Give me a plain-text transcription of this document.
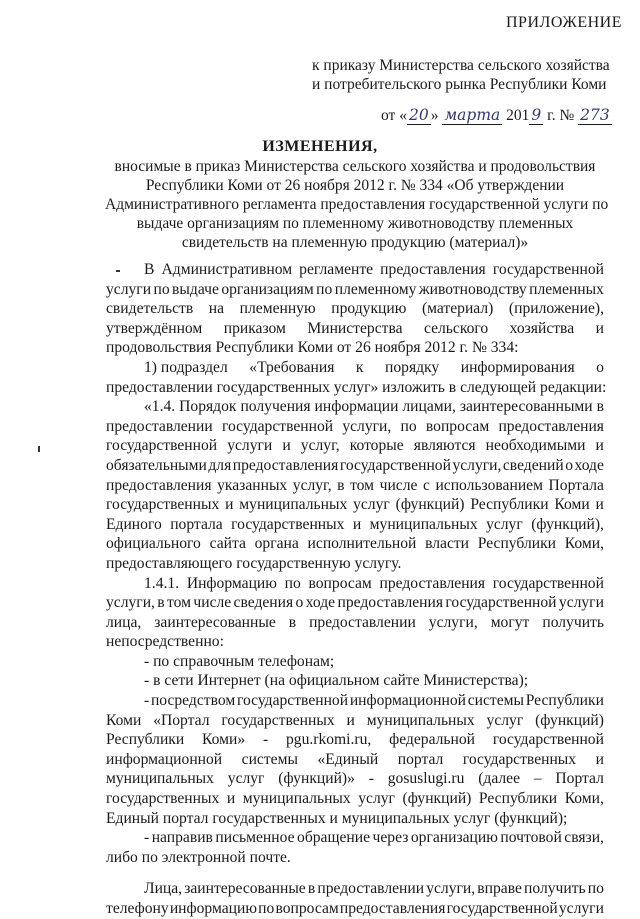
ПРИЛОЖЕНИЕ
к приказу Министерства сельского хозяйства
и потребительского рынка Республики Коми
от « 20 » марта 201 9 г. № 273
ИЗМЕНЕНИЯ,
вносимые в приказ Министерства сельского хозяйства и продовольствия
Республики Коми от 26 ноября 2012 г. № 334 «Об утверждении
Административного регламента предоставления государственной услуги по
выдаче организациям по племенному животноводству племенных
свидетельств на племенную продукцию (материал)»
В Административном регламенте предоставления государственной
услуги по выдаче организациям по племенному животноводству племенных
свидетельств на племенную продукцию (материал) (приложение),
утверждённом приказом Министерства сельского хозяйства и
продовольствия Республики Коми от 26 ноября 2012 г. № 334:
1) подраздел «Требования к порядку информирования о
предоставлении государственных услуг» изложить в следующей редакции:
«1.4. Порядок получения информации лицами, заинтересованными в
предоставлении государственной услуги, по вопросам предоставления
государственной услуги и услуг, которые являются необходимыми и
обязательными для предоставления государственной услуги, сведений о ходе
предоставления указанных услуг, в том числе с использованием Портала
государственных и муниципальных услуг (функций) Республики Коми и
Единого портала государственных и муниципальных услуг (функций),
официального сайта органа исполнительной власти Республики Коми,
предоставляющего государственную услугу.
1.4.1. Информацию по вопросам предоставления государственной
услуги, в том числе сведения о ходе предоставления государственной услуги
лица, заинтересованные в предоставлении услуги, могут получить
непосредственно:
- по справочным телефонам;
- в сети Интернет (на официальном сайте Министерства);
- посредством государственной информационной системы Республики
Коми «Портал государственных и муниципальных услуг (функций)
Республики Коми» - pgu.rkomi.ru, федеральной государственной
информационной системы «Единый портал государственных и
муниципальных услуг (функций)» - gosuslugi.ru (далее – Портал
государственных и муниципальных услуг (функций) Республики Коми,
Единый портал государственных и муниципальных услуг (функций);
- направив письменное обращение через организацию почтовой связи,
либо по электронной почте.
Лица, заинтересованные в предоставлении услуги, вправе получить по
телефону информацию по вопросам предоставления государственной услуги
